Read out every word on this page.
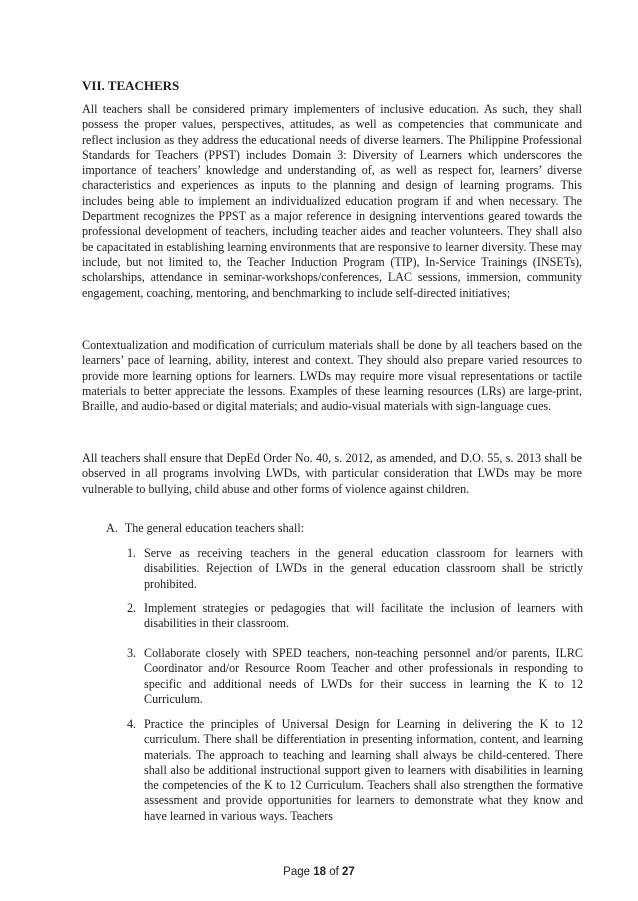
VII. TEACHERS

All teachers shall be considered primary implementers of inclusive education. As such, they shall possess the proper values, perspectives, attitudes, as well as competencies that communicate and reflect inclusion as they address the educational needs of diverse learners. The Philippine Professional Standards for Teachers (PPST) includes Domain 3: Diversity of Learners which underscores the importance of teachers’ knowledge and understanding of, as well as respect for, learners’ diverse characteristics and experiences as inputs to the planning and design of learning programs. This includes being able to implement an individualized education program if and when necessary. The Department recognizes the PPST as a major reference in designing interventions geared towards the professional development of teachers, including teacher aides and teacher volunteers. They shall also be capacitated in establishing learning environments that are responsive to learner diversity. These may include, but not limited to, the Teacher Induction Program (TIP), In-Service Trainings (INSETs), scholarships, attendance in seminar-workshops/conferences, LAC sessions, immersion, community engagement, coaching, mentoring, and benchmarking to include self-directed initiatives;

Contextualization and modification of curriculum materials shall be done by all teachers based on the learners’ pace of learning, ability, interest and context. They should also prepare varied resources to provide more learning options for learners. LWDs may require more visual representations or tactile materials to better appreciate the lessons. Examples of these learning resources (LRs) are large-print, Braille, and audio-based or digital materials; and audio-visual materials with sign-language cues.

All teachers shall ensure that DepEd Order No. 40, s. 2012, as amended, and D.O. 55, s. 2013 shall be observed in all programs involving LWDs, with particular consideration that LWDs may be more vulnerable to bullying, child abuse and other forms of violence against children.

A. The general education teachers shall:
1. Serve as receiving teachers in the general education classroom for learners with disabilities. Rejection of LWDs in the general education classroom shall be strictly prohibited.
2. Implement strategies or pedagogies that will facilitate the inclusion of learners with disabilities in their classroom.
3. Collaborate closely with SPED teachers, non-teaching personnel and/or parents, ILRC Coordinator and/or Resource Room Teacher and other professionals in responding to specific and additional needs of LWDs for their success in learning the K to 12 Curriculum.
4. Practice the principles of Universal Design for Learning in delivering the K to 12 curriculum. There shall be differentiation in presenting information, content, and learning materials. The approach to teaching and learning shall always be child-centered. There shall also be additional instructional support given to learners with disabilities in learning the competencies of the K to 12 Curriculum. Teachers shall also strengthen the formative assessment and provide opportunities for learners to demonstrate what they know and have learned in various ways. Teachers
Page 18 of 27
